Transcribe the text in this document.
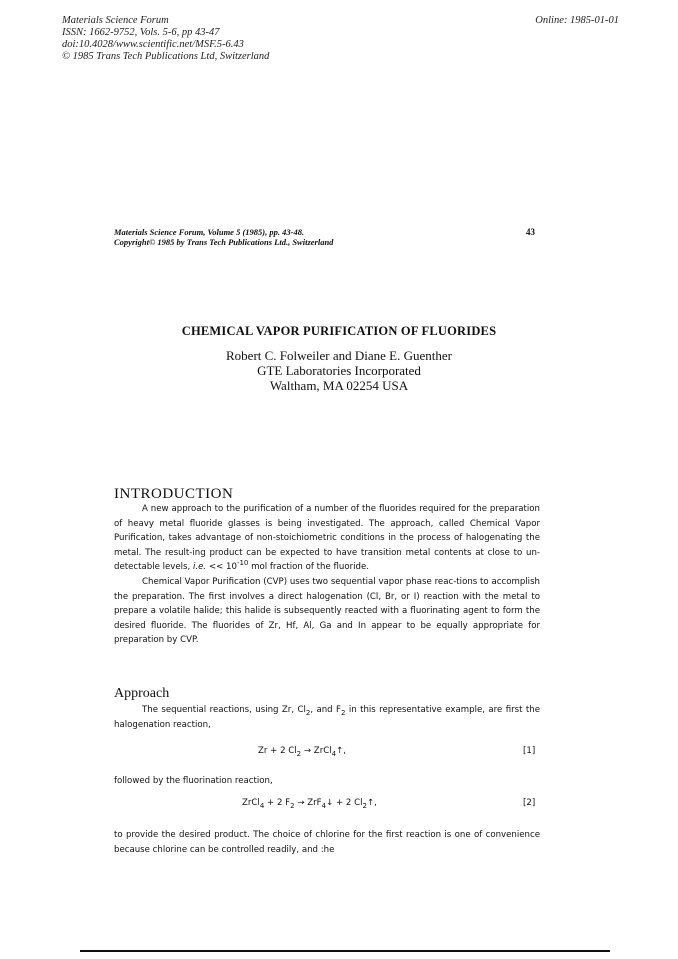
Materials Science Forum
ISSN: 1662-9752, Vols. 5-6, pp 43-47
doi:10.4028/www.scientific.net/MSF.5-6.43
© 1985 Trans Tech Publications Ltd, Switzerland
Online: 1985-01-01
Materials Science Forum, Volume 5 (1985), pp. 43-48.
Copyright© 1985 by Trans Tech Publications Ltd., Switzerland
43
CHEMICAL VAPOR PURIFICATION OF FLUORIDES
Robert C. Folweiler and Diane E. Guenther
GTE Laboratories Incorporated
Waltham, MA 02254 USA
INTRODUCTION

A new approach to the purification of a number of the fluorides required for the preparation of heavy metal fluoride glasses is being investigated. The approach, called Chemical Vapor Purification, takes advantage of non-stoichiometric conditions in the process of halogenating the metal. The result-ing product can be expected to have transition metal contents at close to un-detectable levels, i.e. << $10^{-10}$ mol fraction of the fluoride.

Chemical Vapor Purification (CVP) uses two sequential vapor phase reac-tions to accomplish the preparation. The first involves a direct halogenation (Cl, Br, or I) reaction with the metal to prepare a volatile halide; this halide is subsequently reacted with a fluorinating agent to form the desired fluoride. The fluorides of Zr, Hf, Al, Ga and In appear to be equally appropriate for preparation by CVP.

Approach

The sequential reactions, using Zr, $Cl_2$, and $F_2$ in this representative example, are first the halogenation reaction,

Zr + 2 $Cl_2$ → ZrCl$_4$↑,	[1]
followed by the fluorination reaction,
ZrCl$_4$ + 2 $F_2$ → ZrF$_4$↓ + 2 $Cl_2↑$,	[2]
to provide the desired product. The choice of chlorine for the first reaction is one of convenience because chlorine can be controlled readily, and :he
